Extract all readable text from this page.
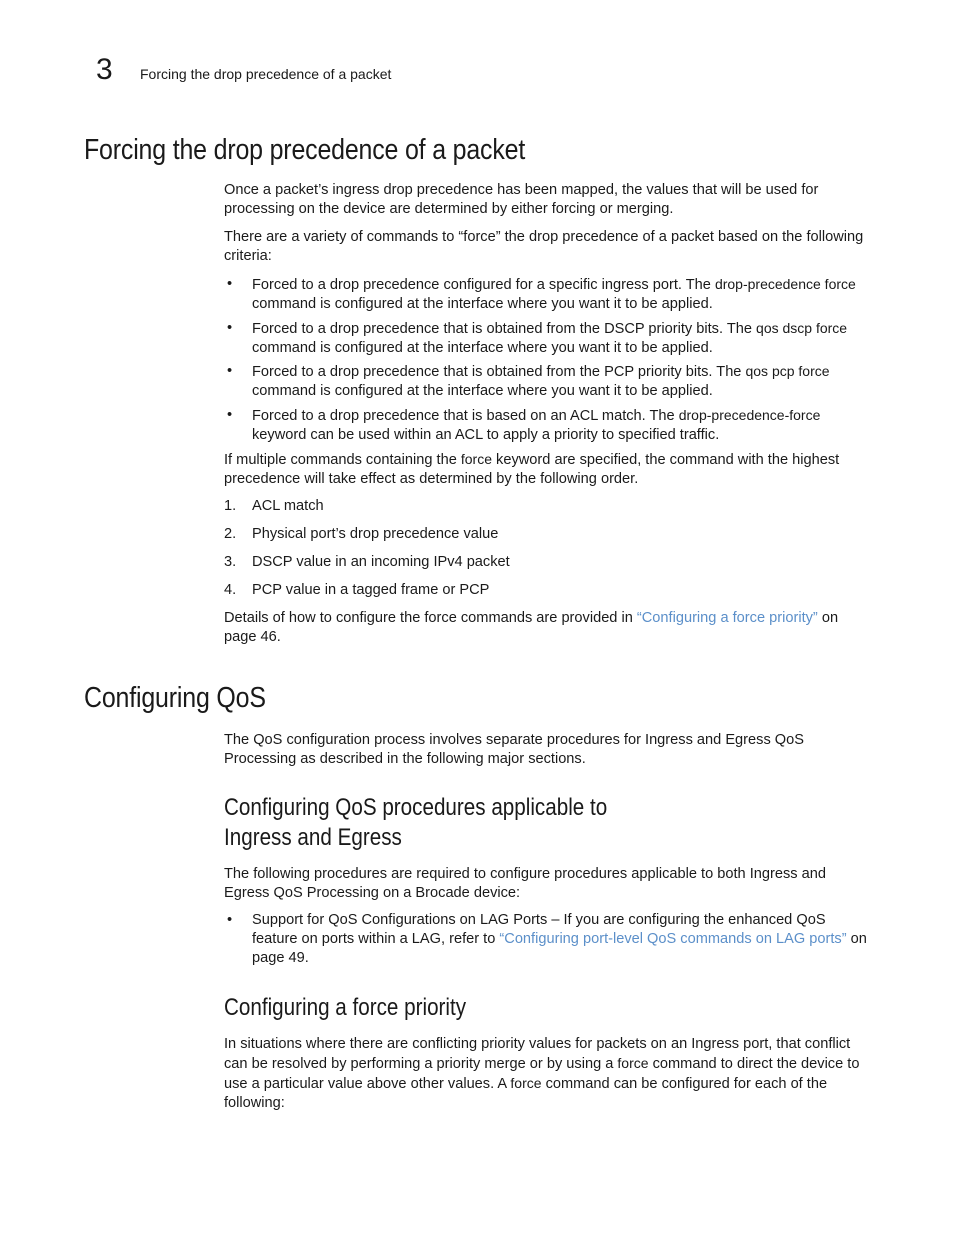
3 Forcing the drop precedence of a packet
Forcing the drop precedence of a packet
Once a packet’s ingress drop precedence has been mapped, the values that will be used for processing on the device are determined by either forcing or merging.
There are a variety of commands to “force” the drop precedence of a packet based on the following criteria:
•	Forced to a drop precedence configured for a specific ingress port. The drop-precedence force command is configured at the interface where you want it to be applied.
•	Forced to a drop precedence that is obtained from the DSCP priority bits. The qos dscp force command is configured at the interface where you want it to be applied.
•	Forced to a drop precedence that is obtained from the PCP priority bits. The qos pcp force command is configured at the interface where you want it to be applied.
•	Forced to a drop precedence that is based on an ACL match. The drop-precedence-force keyword can be used within an ACL to apply a priority to specified traffic.
If multiple commands containing the force keyword are specified, the command with the highest precedence will take effect as determined by the following order.
1.	ACL match
2.	Physical port’s drop precedence value
3.	DSCP value in an incoming IPv4 packet
4.	PCP value in a tagged frame or PCP
Details of how to configure the force commands are provided in “Configuring a force priority” on page 46.
Configuring QoS
The QoS configuration process involves separate procedures for Ingress and Egress QoS Processing as described in the following major sections.
Configuring QoS procedures applicable to
Ingress and Egress
The following procedures are required to configure procedures applicable to both Ingress and Egress QoS Processing on a Brocade device:
•	Support for QoS Configurations on LAG Ports – If you are configuring the enhanced QoS feature on ports within a LAG, refer to “Configuring port-level QoS commands on LAG ports” on page 49.
Configuring a force priority
In situations where there are conflicting priority values for packets on an Ingress port, that conflict can be resolved by performing a priority merge or by using a force command to direct the device to use a particular value above other values. A force command can be configured for each of the following:
